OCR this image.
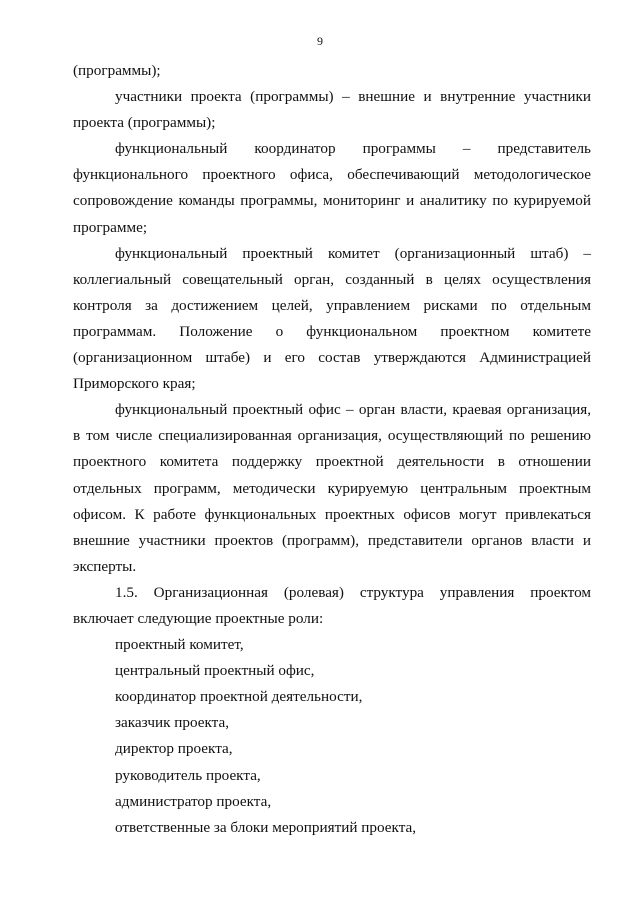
9

(программы);

участники проекта (программы) – внешние и внутренние участники проекта (программы);

функциональный координатор программы – представитель функционального проектного офиса, обеспечивающий методологическое сопровождение команды программы, мониторинг и аналитику по курируемой программе;

функциональный проектный комитет (организационный штаб) – коллегиальный совещательный орган, созданный в целях осуществления контроля за достижением целей, управлением рисками по отдельным программам. Положение о функциональном проектном комитете (организационном штабе) и его состав утверждаются Администрацией Приморского края;

функциональный проектный офис – орган власти, краевая организация, в том числе специализированная организация, осуществляющий по решению проектного комитета поддержку проектной деятельности в отношении отдельных программ, методически курируемую центральным проектным офисом. К работе функциональных проектных офисов могут привлекаться внешние участники проектов (программ), представители органов власти и эксперты.

1.5. Организационная (ролевая) структура управления проектом включает следующие проектные роли:

проектный комитет,

центральный проектный офис,

координатор проектной деятельности,

заказчик проекта,

директор проекта,

руководитель проекта,

администратор проекта,

ответственные за блоки мероприятий проекта,
